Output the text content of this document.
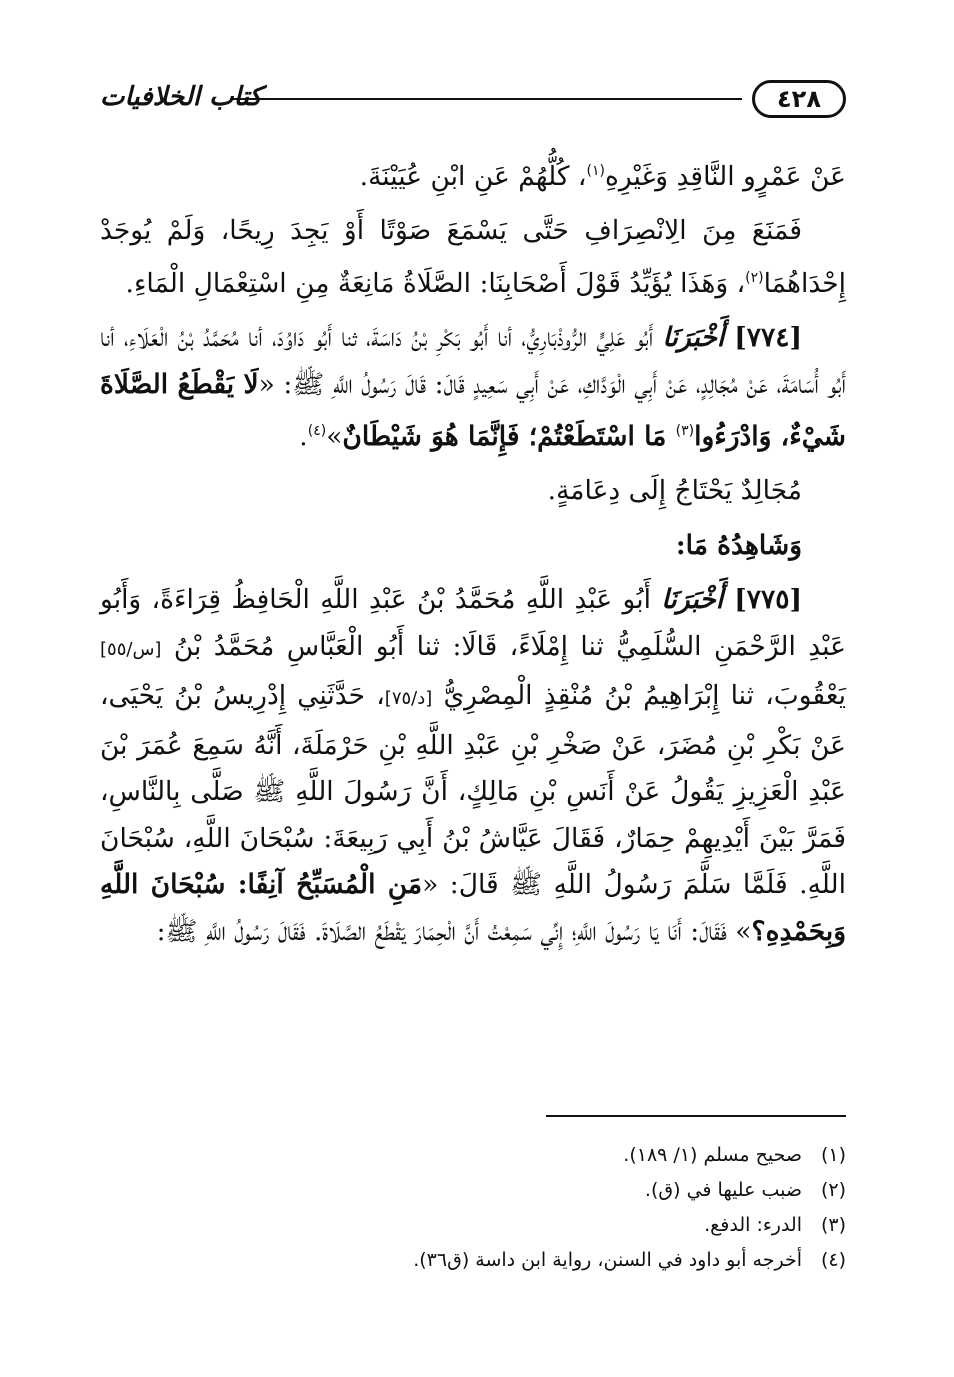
٤٢٨
كتاب الخلافيات

عَنْ عَمْرٍو النَّاقِدِ وَغَيْرِهِ$^{(١)}$، كُلُّهُمْ عَنِ ابْنِ عُيَيْنَةَ.

فَمَنَعَ مِنَ الِانْصِرَافِ حَتَّى يَسْمَعَ صَوْتًا أَوْ يَجِدَ رِيحًا، وَلَمْ يُوجَدْ إِحْدَاهُمَا$^{(٢)}$، وَهَذَا يُؤَيِّدُ قَوْلَ أَصْحَابِنَا: الصَّلَاةُ مَانِعَةٌ مِنِ اسْتِعْمَالِ الْمَاءِ.

[٧٧٤] أَخْبَرَنَا أَبُو عَلِيٍّ الرُّوذْبَارِيُّ، أنا أَبُو بَكْرِ بْنُ دَاسَةَ، ثنا أَبُو دَاوُدَ، أنا مُحَمَّدُ بْنُ الْعَلَاءِ، أنا أَبُو أُسَامَةَ، عَنْ مُجَالِدٍ، عَنْ أَبِي الْوَدَّاكِ، عَنْ أَبِي سَعِيدٍ قَالَ: قَالَ رَسُولُ اللَّهِ ﷺ: «لَا يَقْطَعُ الصَّلَاةَ شَيْءٌ، وَادْرَءُوا$^{(٣)}$ مَا اسْتَطَعْتُمْ؛ فَإِنَّمَا هُوَ شَيْطَانٌ»$^{(٤)}$.

مُجَالِدٌ يَحْتَاجُ إِلَى دِعَامَةٍ.

وَشَاهِدُهُ مَا:

[٧٧٥] أَخْبَرَنَا أَبُو عَبْدِ اللَّهِ مُحَمَّدُ بْنُ عَبْدِ اللَّهِ الْحَافِظُ قِرَاءَةً، وَأَبُو عَبْدِ الرَّحْمَنِ السُّلَمِيُّ ثنا إِمْلَاءً، قَالَا: ثنا أَبُو الْعَبَّاسِ مُحَمَّدُ بْنُ [س/٥٥] يَعْقُوبَ، ثنا إِبْرَاهِيمُ بْنُ مُنْقِذٍ الْمِصْرِيُّ [د/٧٥]، حَدَّثَنِي إِدْرِيسُ بْنُ يَحْيَى، عَنْ بَكْرِ بْنِ مُضَرَ، عَنْ صَخْرِ بْنِ عَبْدِ اللَّهِ بْنِ حَرْمَلَةَ، أَنَّهُ سَمِعَ عُمَرَ بْنَ عَبْدِ الْعَزِيزِ يَقُولُ عَنْ أَنَسِ بْنِ مَالِكٍ، أَنَّ رَسُولَ اللَّهِ ﷺ صَلَّى بِالنَّاسِ، فَمَرَّ بَيْنَ أَيْدِيهِمْ حِمَارٌ، فَقَالَ عَيَّاشُ بْنُ أَبِي رَبِيعَةَ: سُبْحَانَ اللَّهِ، سُبْحَانَ اللَّهِ. فَلَمَّا سَلَّمَ رَسُولُ اللَّهِ ﷺ قَالَ: «مَنِ الْمُسَبِّحُ آنِفًا: سُبْحَانَ اللَّهِ وَبِحَمْدِهِ؟» فَقَالَ: أَنَا يَا رَسُولَ اللَّهِ؛ إِنِّي سَمِعْتُ أَنَّ الْحِمَارَ يَقْطَعُ الصَّلَاةَ. فَقَالَ رَسُولُ اللَّهِ ﷺ:

(١)
صحيح مسلم (١/ ١٨٩).
(٢)
ضبب عليها في (ق).
(٣)
الدرء: الدفع.
(٤)
أخرجه أبو داود في السنن، رواية ابن داسة (ق٣٦).
